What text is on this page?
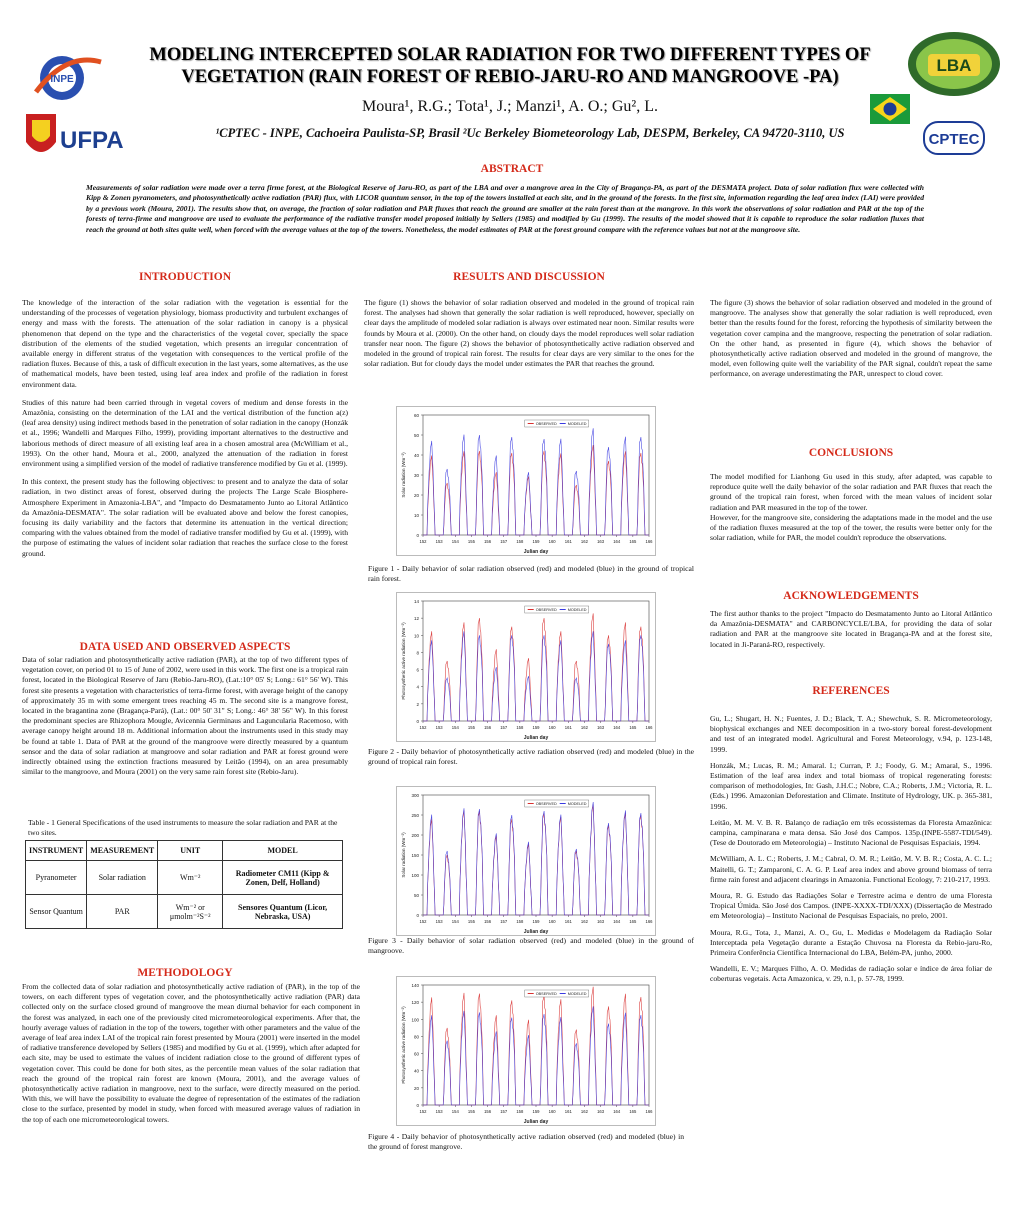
INPE
UFPA
MODELING INTERCEPTED SOLAR RADIATION FOR TWO DIFFERENT TYPES OF VEGETATION (RAIN FOREST OF REBIO-JARU-RO AND MANGROOVE -PA)
Moura¹, R.G.; Tota¹, J.; Manzi¹, A. O.; Gu², L.
¹CPTEC - INPE, Cachoeira Paulista-SP, Brasil ²Uc Berkeley Biometeorology Lab, DESPM, Berkeley, CA 94720-3110, US
LBA
CPTEC
ABSTRACT
Measurements of solar radiation were made over a terra firme forest, at the Biological Reserve of Jaru-RO, as part of the LBA and over a mangrove area in the City of Bragança-PA, as part of the DESMATA project. Data of solar radiation flux were collected with Kipp & Zonen pyranometers, and photosynthetically active radiation (PAR) flux, with LICOR quantum sensor, in the top of the towers installed at each site, and in the ground of the forests. In the first site, information regarding the leaf area index (LAI) were provided by a previous work (Moura, 2001). The results show that, on average, the fraction of solar radiation and PAR fluxes that reach the ground are smaller at the rain forest than at the mangrove. In this work the observations of solar radiation and PAR at the top of the forests of terra-firme and mangroove are used to evaluate the performance of the radiative transfer model proposed initially by Sellers (1985) and modified by Gu (1999). The results of the model showed that it is capable to reproduce the solar radiation fluxes that reach the ground at both sites quite well, when forced with the average values at the top of the towers. Nonetheless, the model estimates of PAR at the forest ground compare with the reference values but not at the mangroove site.
INTRODUCTION

The knowledge of the interaction of the solar radiation with the vegetation is essential for the understanding of the processes of vegetation physiology, biomass productivity and turbulent exchanges of energy and mass with the forests. The attenuation of the solar radiation in canopy is a physical phenomenon that depend on the type and the characteristics of the vegetal cover, specially the space distribution of the elements of the studied vegetation, which presents an irregular concentration of available energy in different stratus of the vegetation with consequences to the vertical profile of the radiation fluxes. Because of this, a task of difficult execution in the last years, some alternatives, as the use of mathematical models, have been tested, using leaf area index and profile of the radiation in forest environment data.

Studies of this nature had been carried through in vegetal covers of medium and dense forests in the Amazônia, consisting on the determination of the LAI and the vertical distribution of the function a(z) (leaf area density) using indirect methods based in the penetration of solar radiation in the canopy (Honzák et al., 1996; Wandelli and Marques Filho, 1999), providing important alternatives to the destructive and laborious methods of direct measure of all existing leaf area in a chosen amostral area (McWilliam et al., 1993). On the other hand, Moura et al., 2000, analyzed the attenuation of the radiation in forest environment using a simplified version of the model of radiative transference modified by Gu et al. (1999).

In this context, the present study has the following objectives: to present and to analyze the data of solar radiation, in two distinct areas of forest, observed during the projects The Large Scale Biosphere-Atmosphere Experiment in Amazonia-LBA", and "Impacto do Desmatamento Junto ao Litoral Atlântico da Amazônia-DESMATA". The solar radiation will be evaluated above and below the forest canopies, focusing its daily variability and the factors that determine its attenuation in the vertical direction; comparing with the values obtained from the model of radiative transfer modified by Gu et al. (1999), with the purpose of estimating the values of incident solar radiation that reaches the surface close to the forest ground.

DATA USED AND OBSERVED ASPECTS
Data of solar radiation and photosynthetically active radiation (PAR), at the top of two different types of vegetation cover, on period 01 to 15 of June of 2002, were used in this work. The first one is a tropical rain forest, located in the Biological Reserve of Jaru (Rebio-Jaru-RO), (Lat.:10° 05' S; Long.: 61° 56' W). This forest site presents a vegetation with characteristics of terra-firme forest, with average height of the canopy of approximately 35 m with some emergent trees reaching 45 m. The second site is a mangrove forest, located in the bragantina zone (Bragança-Pará), (Lat.: 00° 50' 31" S; Long.: 46° 38' 56" W). In this forest the predominant species are Rhizophora Mougle, Avicennia Germinaus and Laguncularia Racemoso, with average canopy height around 18 m. Additional information about the instruments used in this study may be found at table 1. Data of PAR at the ground of the mangroove were directly measured by a quantum sensor and the data of solar radiation at mangroove and solar radiation and PAR at forest ground were indirectly obtained using the extinction fractions measured by Leitão (1994), on an area presumably similar to the mangroove, and Moura (2001) on the very same rain forest site (Rebio-Jaru).
Table - 1 General Specifications of the used instruments to measure the solar radiation and PAR at the two sites.
INSTRUMENT	MEASUREMENT	UNIT	MODEL
Pyranometer	Solar radiation	Wm⁻²	Radiometer CM11 (Kipp & Zonen, Delf, Holland)
Sensor Quantum	PAR	Wm⁻² or μmolm⁻²S⁻²	Sensores Quantum (Licor, Nebraska, USA)
METHODOLOGY
From the collected data of solar radiation and photosynthetically active radiation of (PAR), in the top of the towers, on each different types of vegetation cover, and the photosynthetically active radiation (PAR) data collected only on the surface closed ground of mangroove the mean diurnal behavior for each component in the forest was analyzed, in each one of the previously cited micrometeorological experiments. After that, the hourly average values of radiation in the top of the towers, together with other parameters and the value of the average of leaf area index LAI of the tropical rain forest presented by Moura (2001) were inserted in the model of radiative transference developed by Sellers (1985) and modified by Gu et al. (1999), which after adapted for each site, may be used to estimate the values of incident radiation close to the ground of different types of vegetation cover. This could be done for both sites, as the percentile mean values of the solar radiation that reach the ground of the tropical rain forest are known (Moura, 2001), and the average values of photosynthetically active radiation in mangroove, next to the surface, were directly measured on the period. With this, we will have the possibility to evaluate the degree of representation of the estimates of the radiation close to the surface, presented by model in study, when forced with measured average values of radiation in the top of each one micrometeorological towers.
RESULTS AND DISCUSSION
The figure (1) shows the behavior of solar radiation observed and modeled in the ground of tropical rain forest. The analyses had shown that generally the solar radiation is well reproduced, however, specially on clear days the amplitude of modeled solar radiation is always over estimated near noon. Similar results were founds by Moura et al. (2000). On the other hand, on cloudy days the model reproduces well solar radiation transfer near noon. The figure (2) shows the behavior of photosynthetically active radiation observed and modeled in the ground of tropical rain forest. The results for clear days are very similar to the ones for the solar radiation. But for cloudy days the model under estimates the PAR that reaches the ground.
0
10
20
30
40
50
60
152 153 154 155 156 157 158 159 160 161 162 163 164 165 166
Julian day
Solar radiation (Wm⁻²)
OBSERVED	MODELED
Figure 1 - Daily behavior of solar radiation observed (red) and modeled (blue) in the ground of tropical rain forest.
0
2
4
6
8
10
12
14
152 153 154 155 156 157 158 159 160 161 162 163 164 165 166
Julian day
Photosynthetic active radiation (Wm⁻²)
OBSERVED	MODELED
Figure 2 - Daily behavior of photosynthetically active radiation observed (red) and modeled (blue) in the ground of tropical rain forest.
0
50
100
150
200
250
300
152 153 154 155 156 157 158 159 160 161 162 163 164 165 166
Julian day
Solar radiation (Wm⁻²)
OBSERVED	MODELED
Figure 3 - Daily behavior of solar radiation observed (red) and modeled (blue) in the ground of mangroove.
0
20
40
60
80
100
120
140
152 153 154 155 156 157 158 159 160 161 162 163 164 165 166
Julian day
Photosynthetic active radiation (Wm⁻²)
OBSERVED	MODELED
Figure 4 - Daily behavior of photosynthetically active radiation observed (red) and modeled (blue) in the ground of forest mangrove.
The figure (3) shows the behavior of solar radiation observed and modeled in the ground of mangroove. The analyses show that generally the solar radiation is well reproduced, even better than the results found for the forest, reforcing the hypothesis of similarity between the vegetation cover campina and the mangroove, respecting the penetration of solar radiation. On the other hand, as presented in figure (4), which shows the behavior of photosynthetically active radiation observed and modeled in the ground of mangrove, the model, even following quite well the variability of the PAR signal, couldn't repeat the same performance, on average underestimating the PAR, unrespect to cloud cover.
CONCLUSIONS

The model modified for Lianhong Gu used in this study, after adapted, was capable to reproduce quite well the daily behavior of the solar radiation and PAR fluxes that reach the ground of the tropical rain forest, when forced with the mean values of incident solar radiation and PAR measured in the top of the tower.

However, for the mangroove site, considering the adaptations made in the model and the use of the radiation fluxes measured at the top of the tower, the results were better only for the solar radiation, while for PAR, the model couldn't reproduce the observations.

ACKNOWLEDGEMENTS
The first author thanks to the project "Impacto do Desmatamento Junto ao Litoral Atlântico da Amazônia-DESMATA" and CARBONCYCLE/LBA, for providing the data of solar radiation and PAR at the mangroove site located in Bragança-PA and at the forest site, located in Ji-Paraná-RO, respectively.
REFERENCES

Gu, L.; Shugart, H. N.; Fuentes, J. D.; Black, T. A.; Shewchuk, S. R. Micrometeorology, biophysical exchanges and NEE decomposition in a two-story boreal forest-development and test of an integrated model. Agricultural and Forest Meteorology, v.94, p. 123-148, 1999.

Honzák, M.; Lucas, R. M.; Amaral. I.; Curran, P. J.; Foody, G. M.; Amaral, S., 1996. Estimation of the leaf area index and total biomass of tropical regenerating forests: comparison of methodologies, In: Gash, J.H.C.; Nobre, C.A.; Roberts, J.M.; Victoria, R. L.(Eds.) 1996. Amazonian Deforestation and Climate. Institute of Hydrology, UK. p. 365-381, 1996.

Leitão, M. M. V. B. R. Balanço de radiação em três ecossistemas da Floresta Amazônica: campina, campinarana e mata densa. São José dos Campos. 135p.(INPE-5587-TDI/549). (Tese de Doutorado em Meteorologia) – Instituto Nacional de Pesquisas Espaciais, 1994.

McWilliam, A. L. C.; Roberts, J. M.; Cabral, O. M. R.; Leitão, M. V. B. R.; Costa, A. C. L.; Maitelli, G. T.; Zamparoni, C. A. G. P. Leaf area index and above ground biomass of terra firme rain forest and adjacent clearings in Amazonia. Functional Ecology, 7: 210-217, 1993.

Moura, R. G. Estudo das Radiações Solar e Terrestre acima e dentro de uma Floresta Tropical Úmida. São José dos Campos. (INPE-XXXX-TDI/XXX) (Dissertação de Mestrado em Meteorologia) – Instituto Nacional de Pesquisas Espaciais, no prelo, 2001.

Moura, R.G., Tota, J., Manzi, A. O., Gu, L. Medidas e Modelagem da Radiação Solar Interceptada pela Vegetação durante a Estação Chuvosa na Floresta da Rebio-jaru-Ro, Primeira Conferência Científica Internacional do LBA, Belém-PA, junho, 2000.

Wandelli, E. V.; Marques Filho, A. O. Medidas de radiação solar e índice de área foliar de coberturas vegetais. Acta Amazonica, v. 29, n.1, p. 57-78, 1999.
